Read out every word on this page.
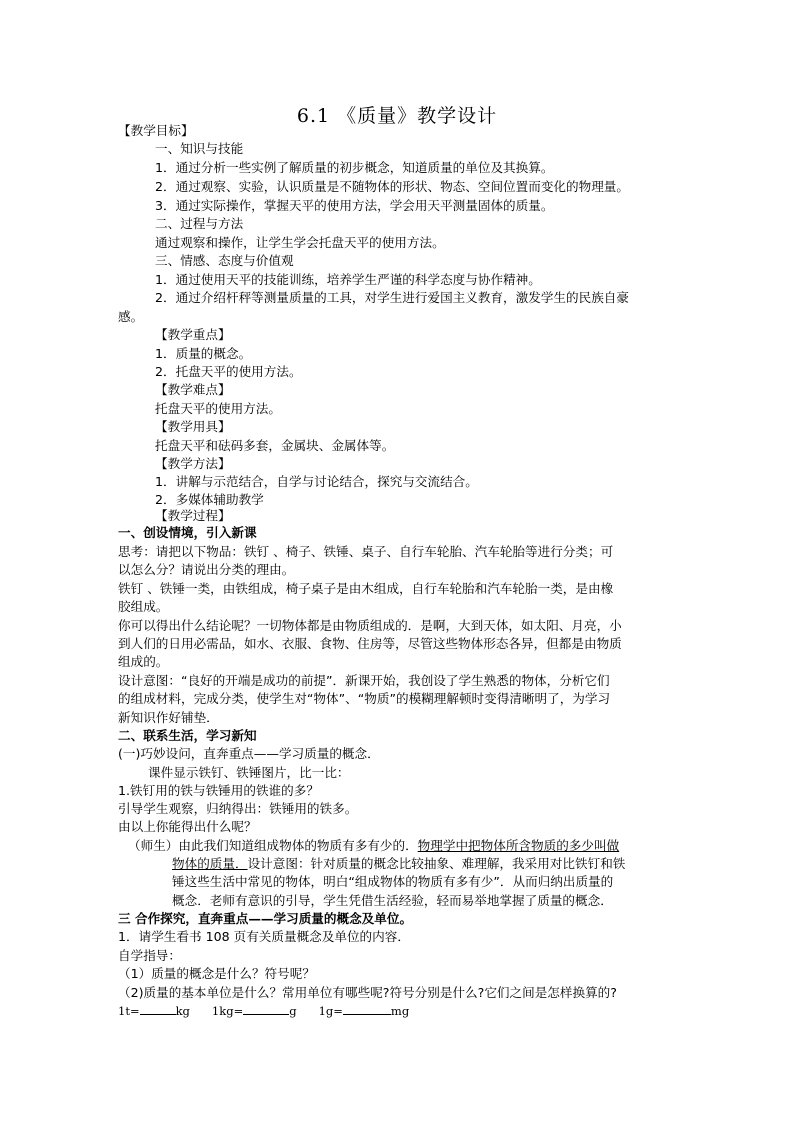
6.1 《质量》教学设计
【教学目标】
一、知识与技能
1．通过分析一些实例了解质量的初步概念，知道质量的单位及其换算。
2．通过观察、实验，认识质量是不随物体的形状、物态、空间位置而变化的物理量。
3．通过实际操作，掌握天平的使用方法，学会用天平测量固体的质量。
二、过程与方法
通过观察和操作，让学生学会托盘天平的使用方法。
三、情感、态度与价值观
1．通过使用天平的技能训练，培养学生严谨的科学态度与协作精神。
2．通过介绍杆秤等测量质量的工具，对学生进行爱国主义教育，激发学生的民族自豪
感。
【教学重点】
1．质量的概念。
2．托盘天平的使用方法。
【教学难点】
托盘天平的使用方法。
【教学用具】
托盘天平和砝码多套，金属块、金属体等。
【教学方法】
1．讲解与示范结合，自学与讨论结合，探究与交流结合。
2．多媒体辅助教学
【教学过程】
一、创设情境，引入新课
思考：请把以下物品：铁钉 、椅子、铁锤、桌子、自行车轮胎、汽车轮胎等进行分类；可
以怎么分？请说出分类的理由。
铁钉 、铁锤一类，由铁组成，椅子桌子是由木组成，自行车轮胎和汽车轮胎一类，是由橡
胶组成。
你可以得出什么结论呢？一切物体都是由物质组成的．是啊，大到天体，如太阳、月亮，小
到人们的日用必需品，如水、衣服、食物、住房等，尽管这些物体形态各异，但都是由物质
组成的。
设计意图：“良好的开端是成功的前提”．新课开始，我创设了学生熟悉的物体，分析它们
的组成材料，完成分类，使学生对“物体”、“物质”的模糊理解顿时变得清晰明了，为学习
新知识作好铺垫．
二、联系生活，学习新知
(一)巧妙设问，直奔重点——学习质量的概念．
课件显示铁钉、铁锤图片，比一比：
1.铁钉用的铁与铁锤用的铁谁的多？
引导学生观察，归纳得出：铁锤用的铁多。
由以上你能得出什么呢？
（师生）由此我们知道组成物体的物质有多有少的．物理学中把物体所含物质的多少叫做
物体的质量．设计意图：针对质量的概念比较抽象、难理解，我采用对比铁钉和铁
锤这些生活中常见的物体，明白“组成物体的物质有多有少”．从而归纳出质量的
概念．老师有意识的引导，学生凭借生活经验，轻而易举地掌握了质量的概念．
三 合作探究，直奔重点——学习质量的概念及单位。
1．请学生看书 108 页有关质量概念及单位的内容．
自学指导：
（1）质量的概念是什么？符号呢？
（2)质量的基本单位是什么？常用单位有哪些呢?符号分别是什么?它们之间是怎样换算的?
1t=	kg 1kg=	g 1g=	mg
